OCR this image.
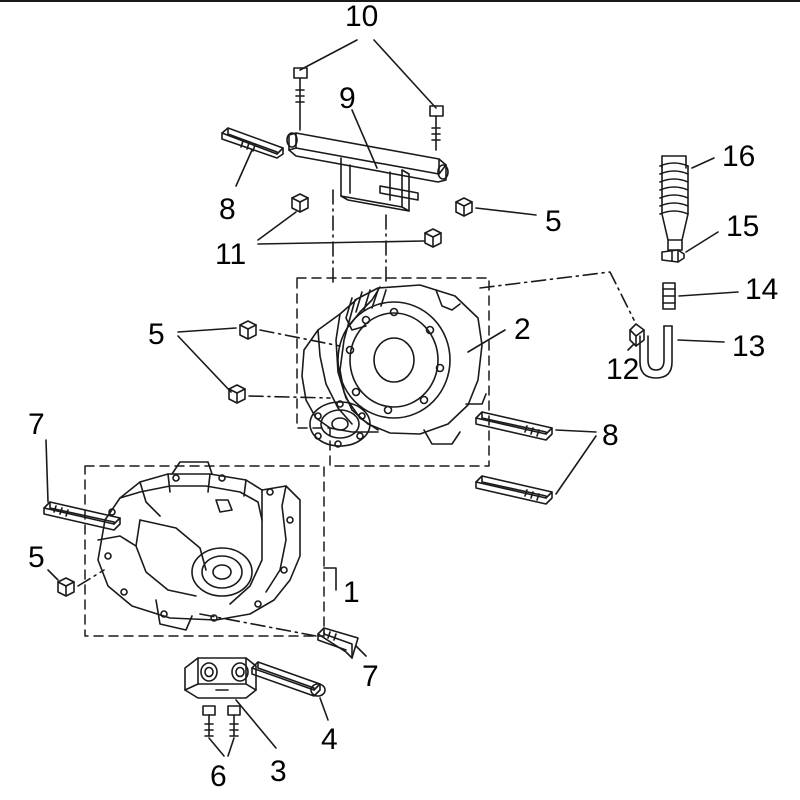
10
9
16
8	5	15
11
14
2
5	13
12
8
7
5
1
7
4
6 3
